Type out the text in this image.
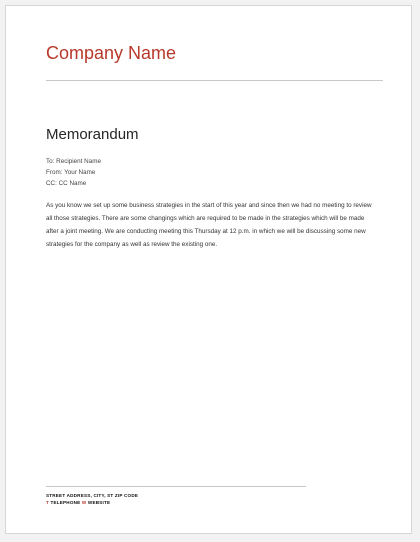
Company Name
Memorandum
To: Recipient Name
From: Your Name
CC: CC Name
As you know we set up some business strategies in the start of this year and since then we had no meeting to review all those strategies. There are some changings which are required to be made in the strategies which will be made after a joint meeting. We are conducting meeting this Thursday at 12 p.m. in which we will be discussing some new strategies for the company as well as review the existing one.
STREET ADDRESS, CITY, ST ZIP CODE
T TELEPHONE W WEBSITE
